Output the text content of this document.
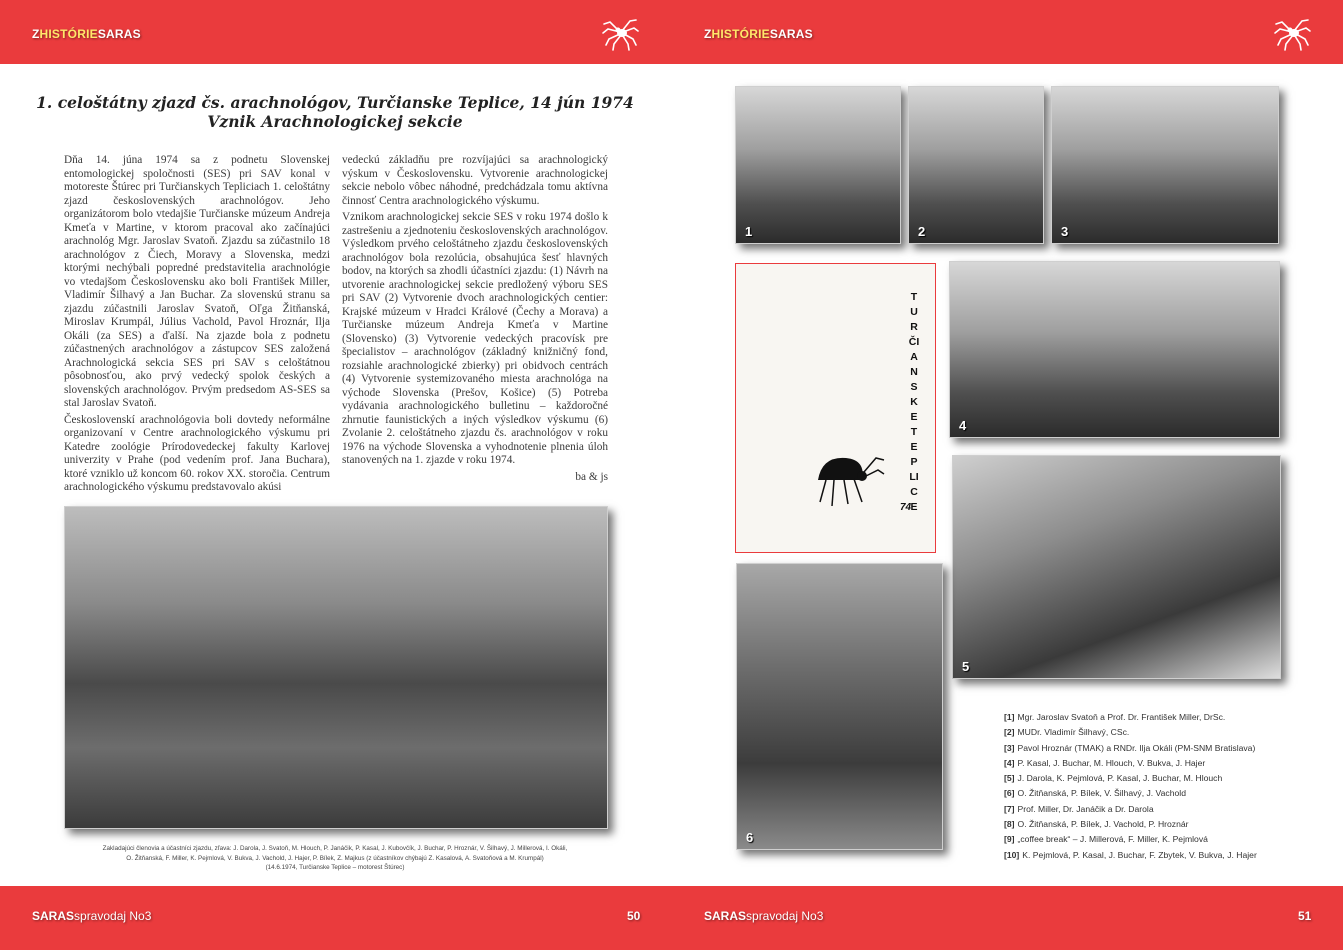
ZHISTÓRIESARAS	ZHISTÓRIESARAS
1. celoštátny zjazd čs. arachnológov, Turčianske Teplice, 14 jún 1974
Vznik Arachnologickej sekcie

Dňa 14. júna 1974 sa z podnetu Slovenskej entomologickej spoločnosti (SES) pri SAV konal v motoreste Štúrec pri Turčianskych Tepliciach 1. celoštátny zjazd československých arachnológov. Jeho organizátorom bolo vtedajšie Turčianske múzeum Andreja Kmeťa v Martine, v ktorom pracoval ako začínajúci arachnológ Mgr. Jaroslav Svatoň. Zjazdu sa zúčastnilo 18 arachnológov z Čiech, Moravy a Slovenska, medzi ktorými nechýbali popredné predstavitelia arachnológie vo vtedajšom Československu ako boli František Miller, Vladimír Šilhavý a Jan Buchar. Za slovenskú stranu sa zjazdu zúčastnili Jaroslav Svatoň, Oľga Žitňanská, Miroslav Krumpál, Július Vachold, Pavol Hroznár, Ilja Okáli (za SES) a ďalší. Na zjazde bola z podnetu zúčastnených arachnológov a zástupcov SES založená Arachnologická sekcia SES pri SAV s celoštátnou pôsobnosťou, ako prvý vedecký spolok českých a slovenských arachnológov. Prvým predsedom AS-SES sa stal Jaroslav Svatoň.

Československí arachnológovia boli dovtedy neformálne organizovaní v Centre arachnologického výskumu pri Katedre zoológie Prírodovedeckej fakulty Karlovej univerzity v Prahe (pod vedením prof. Jana Buchara), ktoré vzniklo už koncom 60. rokov XX. storočia. Centrum arachnologického výskumu predstavovalo akúsi

vedeckú základňu pre rozvíjajúci sa arachnologický výskum v Československu. Vytvorenie arachnologickej sekcie nebolo vôbec náhodné, predchádzala tomu aktívna činnosť Centra arachnologického výskumu.

Vznikom arachnologickej sekcie SES v roku 1974 došlo k zastrešeniu a zjednoteniu československých arachnológov. Výsledkom prvého celoštátneho zjazdu československých arachnológov bola rezolúcia, obsahujúca šesť hlavných bodov, na ktorých sa zhodli účastníci zjazdu: (1) Návrh na utvorenie arachnologickej sekcie predložený výboru SES pri SAV (2) Vytvorenie dvoch arachnologických centier: Krajské múzeum v Hradci Králové (Čechy a Morava) a Turčianske múzeum Andreja Kmeťa v Martine (Slovensko) (3) Vytvorenie vedeckých pracovísk pre špecialistov – arachnológov (základný knižničný fond, rozsiahle arachnologické zbierky) pri obidvoch centrách (4) Vytvorenie systemizovaného miesta arachnológa na východe Slovenska (Prešov, Košice) (5) Potreba vydávania arachnologického bulletinu – každoročné zhrnutie faunistických a iných výsledkov výskumu (6) Zvolanie 2. celoštátneho zjazdu čs. arachnológov v roku 1976 na východe Slovenska a vyhodnotenie plnenia úloh stanovených na 1. zjazde v roku 1974.

ba & js

Zakladajúci členovia a účastníci zjazdu, zľava: J. Darola, J. Svatoň, M. Hlouch, P. Janáčik, P. Kasal, J. Kubovčík, J. Buchar, P. Hroznár, V. Šilhavý, J. Millerová, I. Okáli,
O. Žitňanská, F. Miller, K. Pejmlová, V. Bukva, J. Vachold, J. Hajer, P. Bílek, Z. Majkus (z účastníkov chýbajú Z. Kasalová, A. Svatoňová a M. Krumpál)
(14.6.1974, Turčianske Teplice – motorest Štúrec)
1	2	3
TURČIANSKE TEPLICE
74
4
5
6
[1] Mgr. Jaroslav Svatoň a Prof. Dr. František Miller, DrSc.
[2] MUDr. Vladimír Šilhavý, CSc.
[3] Pavol Hroznár (TMAK) a RNDr. Ilja Okáli (PM-SNM Bratislava)
[4] P. Kasal, J. Buchar, M. Hlouch, V. Bukva, J. Hajer
[5] J. Darola, K. Pejmlová, P. Kasal, J. Buchar, M. Hlouch
[6] O. Žitňanská, P. Bílek, V. Šilhavý, J. Vachold
[7] Prof. Miller, Dr. Janáčik a Dr. Darola
[8] O. Žitňanská, P. Bílek, J. Vachold, P. Hroznár
[9] „coffee break“ – J. Millerová, F. Miller, K. Pejmlová
[10] K. Pejmlová, P. Kasal, J. Buchar, F. Zbytek, V. Bukva, J. Hajer
SARASspravodaj No3	50	SARASspravodaj No3	51
